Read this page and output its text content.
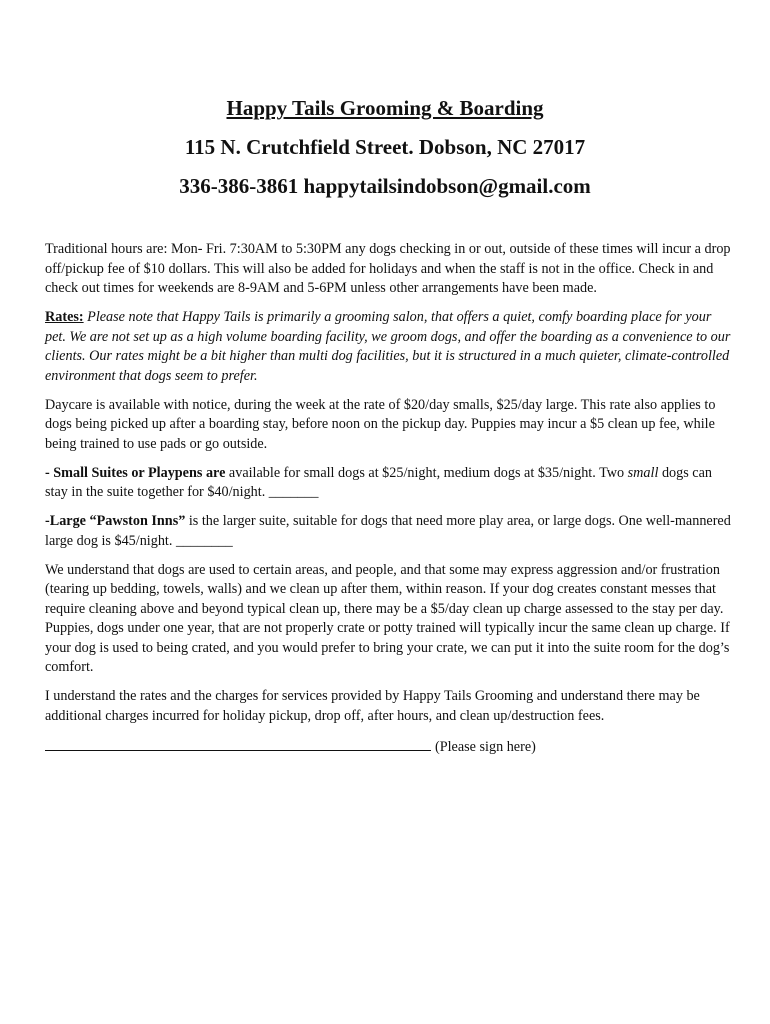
Happy Tails Grooming & Boarding
115 N. Crutchfield Street. Dobson, NC 27017
336-386-3861 happytailsindobson@gmail.com

Traditional hours are: Mon- Fri. 7:30AM to 5:30PM any dogs checking in or out, outside of these times will incur a drop off/pickup fee of $10 dollars. This will also be added for holidays and when the staff is not in the office. Check in and check out times for weekends are 8-9AM and 5-6PM unless other arrangements have been made.

Rates: Please note that Happy Tails is primarily a grooming salon, that offers a quiet, comfy boarding place for your pet. We are not set up as a high volume boarding facility, we groom dogs, and offer the boarding as a convenience to our clients. Our rates might be a bit higher than multi dog facilities, but it is structured in a much quieter, climate-controlled environment that dogs seem to prefer.

Daycare is available with notice, during the week at the rate of $20/day smalls, $25/day large. This rate also applies to dogs being picked up after a boarding stay, before noon on the pickup day. Puppies may incur a $5 clean up fee, while being trained to use pads or go outside.

- Small Suites or Playpens are available for small dogs at $25/night, medium dogs at $35/night. Two small dogs can stay in the suite together for $40/night. _______

-Large “Pawston Inns” is the larger suite, suitable for dogs that need more play area, or large dogs. One well-mannered large dog is $45/night. ________

We understand that dogs are used to certain areas, and people, and that some may express aggression and/or frustration (tearing up bedding, towels, walls) and we clean up after them, within reason. If your dog creates constant messes that require cleaning above and beyond typical clean up, there may be a $5/day clean up charge assessed to the stay per day. Puppies, dogs under one year, that are not properly crate or potty trained will typically incur the same clean up charge. If your dog is used to being crated, and you would prefer to bring your crate, we can put it into the suite room for the dog’s comfort.

I understand the rates and the charges for services provided by Happy Tails Grooming and understand there may be additional charges incurred for holiday pickup, drop off, after hours, and clean up/destruction fees.

(Please sign here)
